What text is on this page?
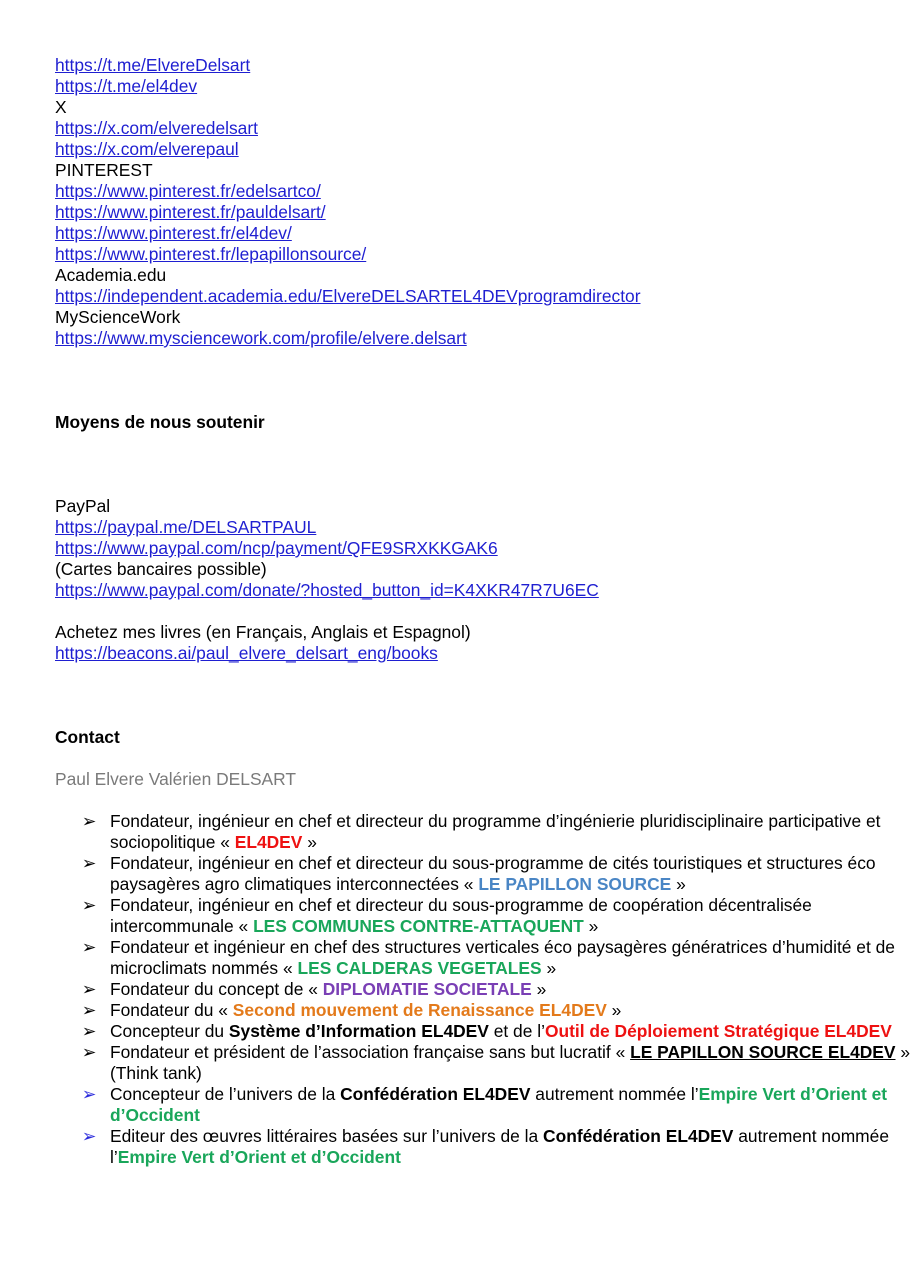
https://t.me/ElvereDelsart
https://t.me/el4dev
X
https://x.com/elveredelsart
https://x.com/elverepaul
PINTEREST
https://www.pinterest.fr/edelsartco/
https://www.pinterest.fr/pauldelsart/
https://www.pinterest.fr/el4dev/
https://www.pinterest.fr/lepapillonsource/
Academia.edu
https://independent.academia.edu/ElvereDELSARTEL4DEVprogramdirector
MyScienceWork
https://www.mysciencework.com/profile/elvere.delsart
Moyens de nous soutenir
PayPal
https://paypal.me/DELSARTPAUL
https://www.paypal.com/ncp/payment/QFE9SRXKKGAK6
(Cartes bancaires possible)
https://www.paypal.com/donate/?hosted_button_id=K4XKR47R7U6EC
Achetez mes livres (en Français, Anglais et Espagnol)
https://beacons.ai/paul_elvere_delsart_eng/books
Contact
Paul Elvere Valérien DELSART
➢ Fondateur, ingénieur en chef et directeur du programme d’ingénierie pluridisciplinaire participative et sociopolitique « EL4DEV »
➢ Fondateur, ingénieur en chef et directeur du sous-programme de cités touristiques et structures éco paysagères agro climatiques interconnectées « LE PAPILLON SOURCE »
➢ Fondateur, ingénieur en chef et directeur du sous-programme de coopération décentralisée intercommunale « LES COMMUNES CONTRE-ATTAQUENT »
➢ Fondateur et ingénieur en chef des structures verticales éco paysagères génératrices d’humidité et de microclimats nommés « LES CALDERAS VEGETALES »
➢ Fondateur du concept de « DIPLOMATIE SOCIETALE »
➢ Fondateur du « Second mouvement de Renaissance EL4DEV »
➢ Concepteur du Système d’Information EL4DEV et de l’Outil de Déploiement Stratégique EL4DEV
➢ Fondateur et président de l’association française sans but lucratif « LE PAPILLON SOURCE EL4DEV » (Think tank)
➢ Concepteur de l’univers de la Confédération EL4DEV autrement nommée l’Empire Vert d’Orient et d’Occident
➢ Editeur des œuvres littéraires basées sur l’univers de la Confédération EL4DEV autrement nommée l’Empire Vert d’Orient et d’Occident
